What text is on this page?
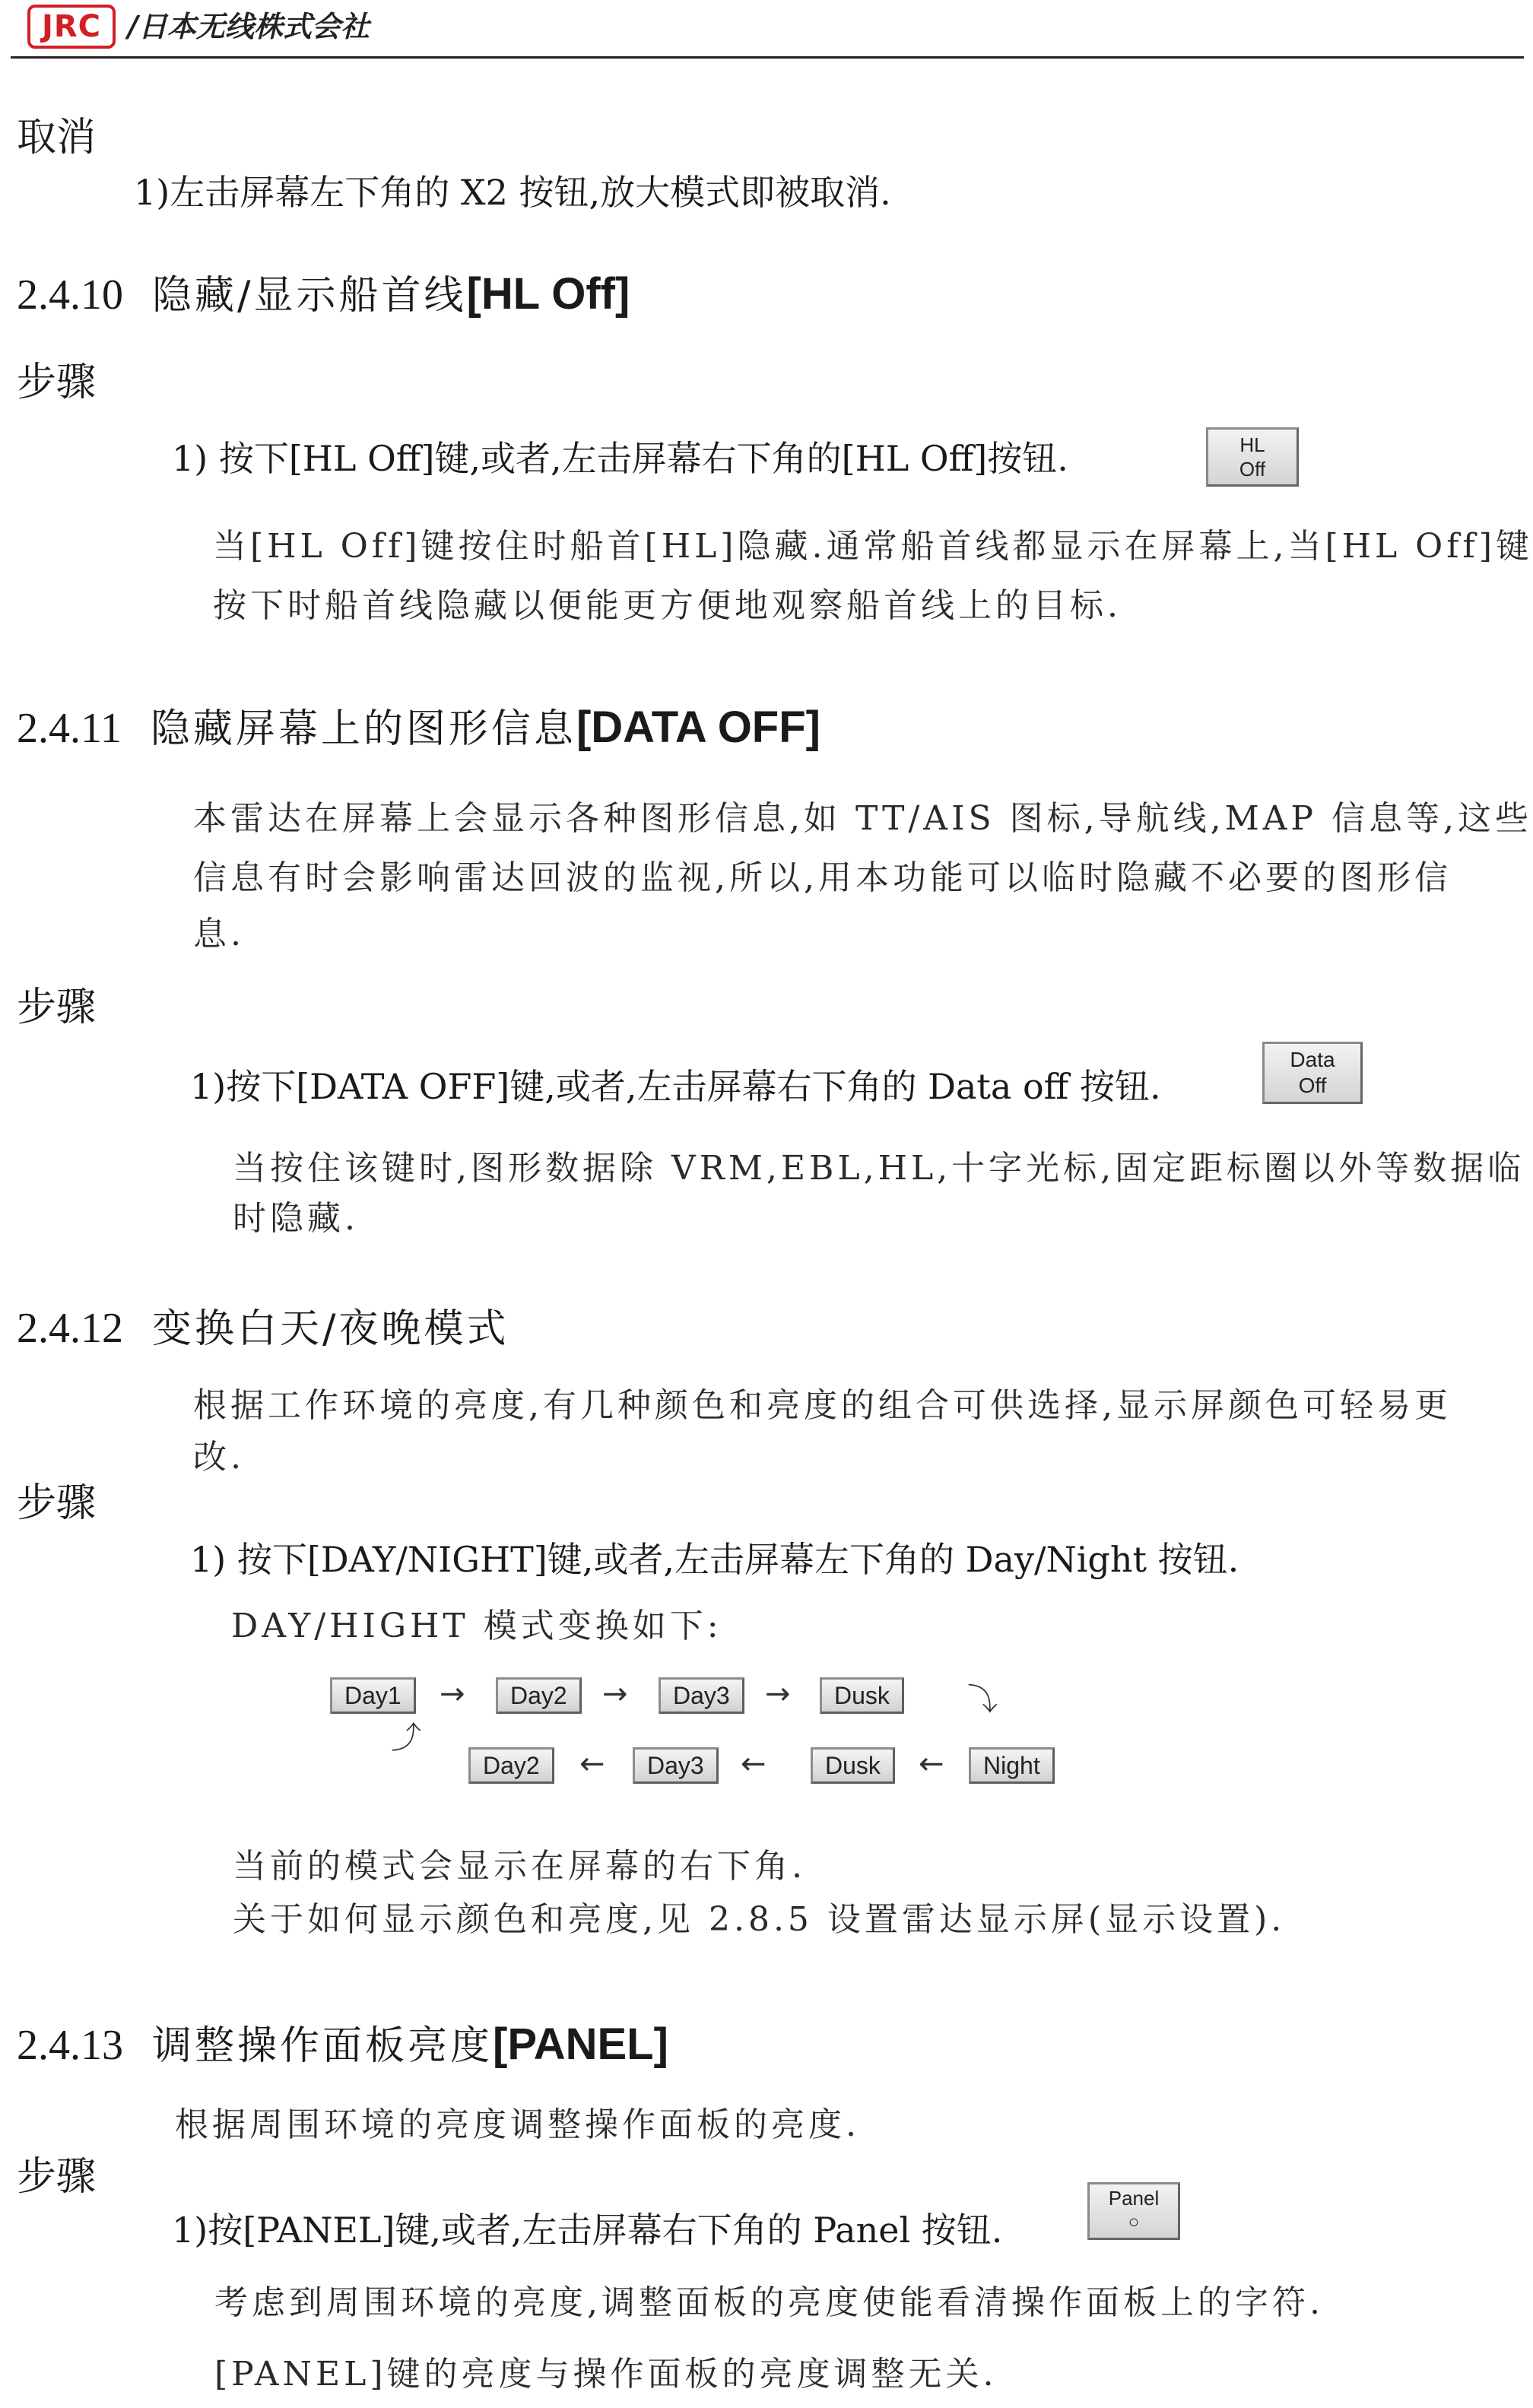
JRC /日本无线株式会社
取消
1)左击屏幕左下角的 X2 按钮,放大模式即被取消.
2.4.10 隐藏/显示船首线[HL Off]
步骤
1) 按下[HL Off]键,或者,左击屏幕右下角的[HL Off]按钮.	HL
Off
当[HL Off]键按住时船首[HL]隐藏.通常船首线都显示在屏幕上,当[HL Off]键
按下时船首线隐藏以便能更方便地观察船首线上的目标.
2.4.11 隐藏屏幕上的图形信息[DATA OFF]
本雷达在屏幕上会显示各种图形信息,如 TT/AIS 图标,导航线,MAP 信息等,这些
信息有时会影响雷达回波的监视,所以,用本功能可以临时隐藏不必要的图形信
息.
步骤
1)按下[DATA OFF]键,或者,左击屏幕右下角的 Data off 按钮.
Data
Off
当按住该键时,图形数据除 VRM,EBL,HL,十字光标,固定距标圈以外等数据临
时隐藏.
2.4.12 变换白天/夜晚模式
根据工作环境的亮度,有几种颜色和亮度的组合可供选择,显示屏颜色可轻易更
改.
步骤
1) 按下[DAY/NIGHT]键,或者,左击屏幕左下角的 Day/Night 按钮.
DAY/HIGHT 模式变换如下:
Day1	→	Day2	→	Day3	→	Dusk	⤵
⤴
Day2	←	Day3	←	Dusk	←	Night
当前的模式会显示在屏幕的右下角.
关于如何显示颜色和亮度,见 2.8.5 设置雷达显示屏(显示设置).
2.4.13 调整操作面板亮度[PANEL]
根据周围环境的亮度调整操作面板的亮度.
步骤
1)按[PANEL]键,或者,左击屏幕右下角的 Panel 按钮.
Panel
○
考虑到周围环境的亮度,调整面板的亮度使能看清操作面板上的字符.
[PANEL]键的亮度与操作面板的亮度调整无关.
